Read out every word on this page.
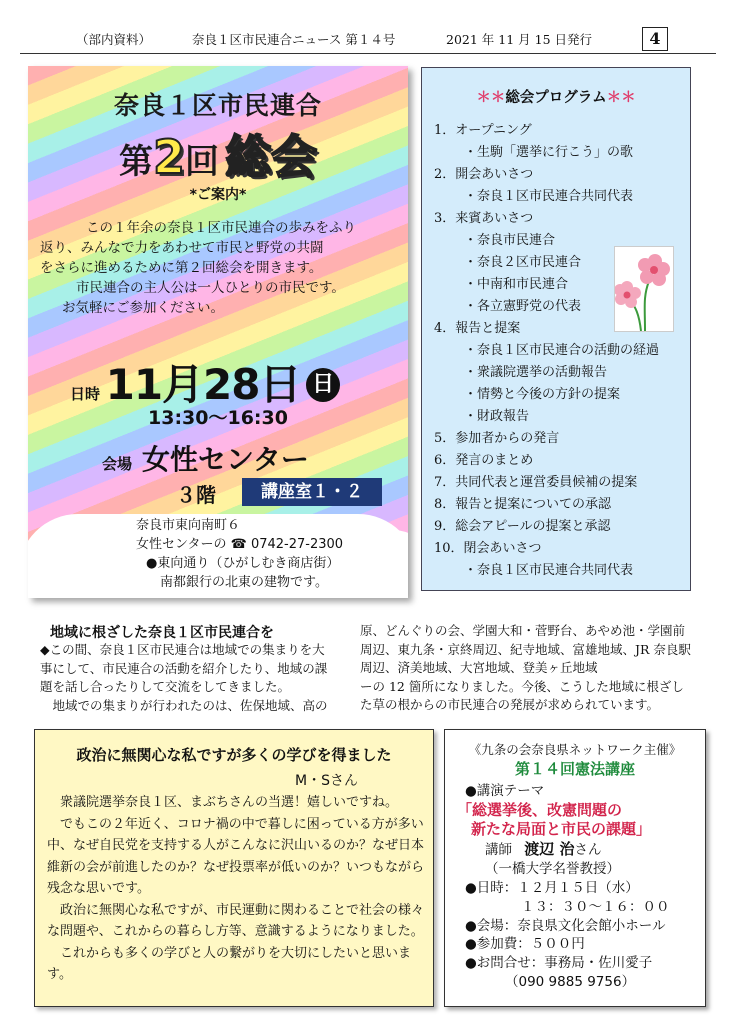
（部内資料）	奈良１区市民連合ニュース 第１４号	2021 年 11 月 15 日発行	4
奈良１区市民連合
第2回 総会
*ご案内*
この１年余の奈良１区市民連合の歩みをふり
返り、みんなで力をあわせて市民と野党の共闘
をさらに進めるために第２回総会を開きます。
市民連合の主人公は一人ひとりの市民です。
お気軽にご参加ください。
日時 11月28日 日
13:30〜16:30
会場 女性センター
３階	講座室１・２
奈良市東向南町６
女性センターの ☎ 0742-27-2300
●東向通り（ひがしむき商店街）
南都銀行の北東の建物です。
＊＊総会プログラム＊＊
1．オープニング
・生駒「選挙に行こう」の歌
2．開会あいさつ
・奈良１区市民連合共同代表
3．来賓あいさつ
・奈良市民連合
・奈良２区市民連合
・中南和市民連合
・各立憲野党の代表
4．報告と提案
・奈良１区市民連合の活動の経過
・衆議院選挙の活動報告
・情勢と今後の方針の提案
・財政報告
5．参加者からの発言
6．発言のまとめ
7．共同代表と運営委員候補の提案
8．報告と提案についての承認
9．総会アピールの提案と承認
10．閉会あいさつ
・奈良１区市民連合共同代表
地域に根ざした奈良１区市民連合を
◆この間、奈良１区市民連合は地域での集まりを大
事にして、市民連合の活動を紹介したり、地域の課
題を話し合ったりして交流をしてきました。
　地域での集まりが行われたのは、佐保地域、高の
原、どんぐりの会、学園大和・菅野台、あやめ池・学園前
周辺、東九条・京終周辺、紀寺地域、富雄地域、JR 奈良駅
周辺、済美地域、大宮地域、登美ヶ丘地域
ーの 12 箇所になりました。今後、こうした地域に根ざし
た草の根からの市民連合の発展が求められています。
政治に無関心な私ですが多くの学びを得ました
M・Sさん

　衆議院選挙奈良１区、まぶちさんの当選！嬉しいですね。

　でもこの２年近く、コロナ禍の中で暮しに困っている方が多い中、なぜ自民党を支持する人がこんなに沢山いるのか？なぜ日本維新の会が前進したのか？なぜ投票率が低いのか？いつもながら残念な思いです。

　政治に無関心な私ですが、市民運動に関わることで社会の様々な問題や、これからの暮らし方等、意識するようになりました。

　これからも多くの学びと人の繋がりを大切にしたいと思います。

《九条の会奈良県ネットワーク主催》
第１４回憲法講座
●講演テーマ
「総選挙後、改憲問題の
新たな局面と市民の課題」
講師 渡辺 治さん
（一橋大学名誉教授）
●日時：１２月１５日（水）
１３：３０〜１６：００
●会場：奈良県文化会館小ホール
●参加費：５００円
●お問合せ：事務局・佐川愛子
（090 9885 9756）
